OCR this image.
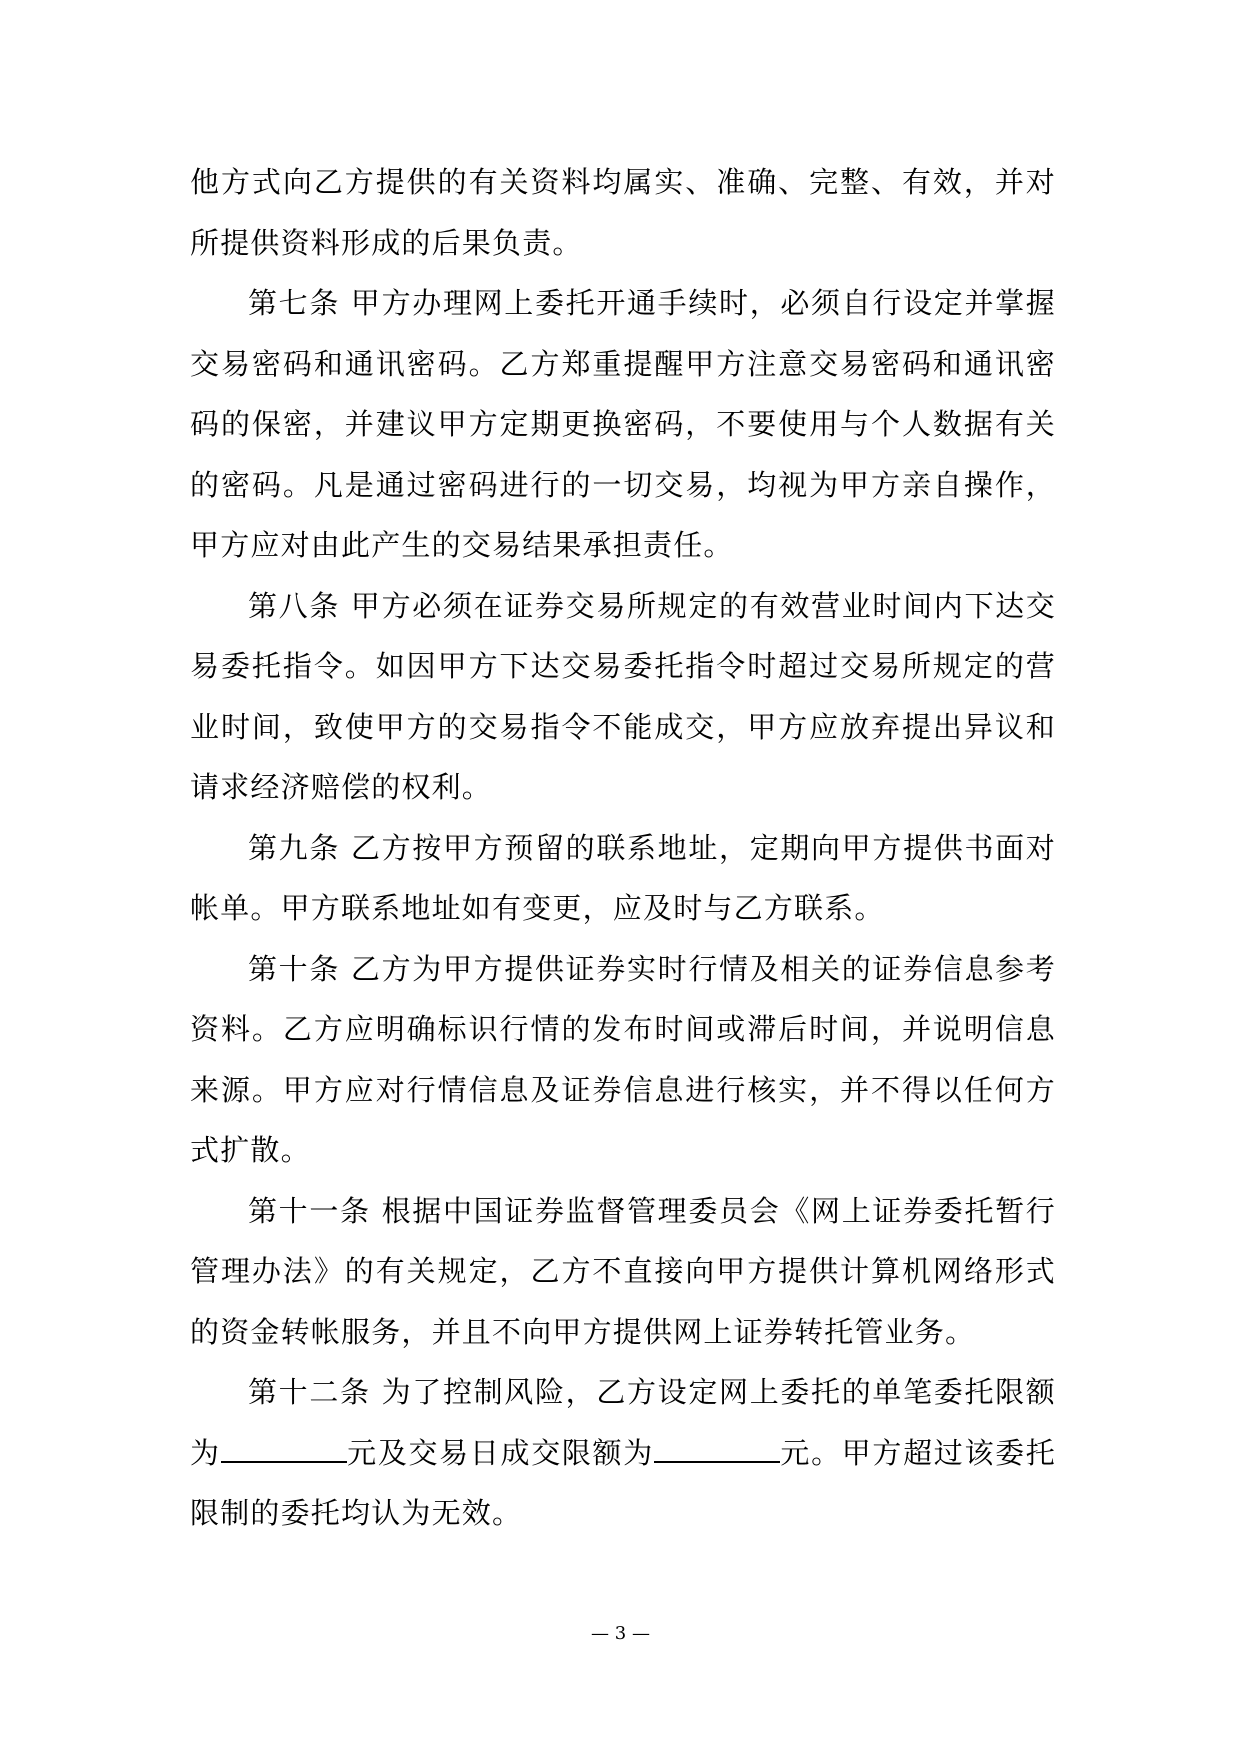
他方式向乙方提供的有关资料均属实、准确、完整、有效，并对所提供资料形成的后果负责。

第七条 甲方办理网上委托开通手续时，必须自行设定并掌握交易密码和通讯密码。乙方郑重提醒甲方注意交易密码和通讯密码的保密，并建议甲方定期更换密码，不要使用与个人数据有关的密码。凡是通过密码进行的一切交易，均视为甲方亲自操作，甲方应对由此产生的交易结果承担责任。

第八条 甲方必须在证券交易所规定的有效营业时间内下达交易委托指令。如因甲方下达交易委托指令时超过交易所规定的营业时间，致使甲方的交易指令不能成交，甲方应放弃提出异议和请求经济赔偿的权利。

第九条 乙方按甲方预留的联系地址，定期向甲方提供书面对帐单。甲方联系地址如有变更，应及时与乙方联系。

第十条 乙方为甲方提供证券实时行情及相关的证券信息参考资料。乙方应明确标识行情的发布时间或滞后时间，并说明信息来源。甲方应对行情信息及证券信息进行核实，并不得以任何方式扩散。

第十一条 根据中国证券监督管理委员会《网上证券委托暂行管理办法》的有关规定，乙方不直接向甲方提供计算机网络形式的资金转帐服务，并且不向甲方提供网上证券转托管业务。

第十二条 为了控制风险，乙方设定网上委托的单笔委托限额为	元及交易日成交限额为	元。甲方超过该委托限制的委托均认为无效。

— 3 —
